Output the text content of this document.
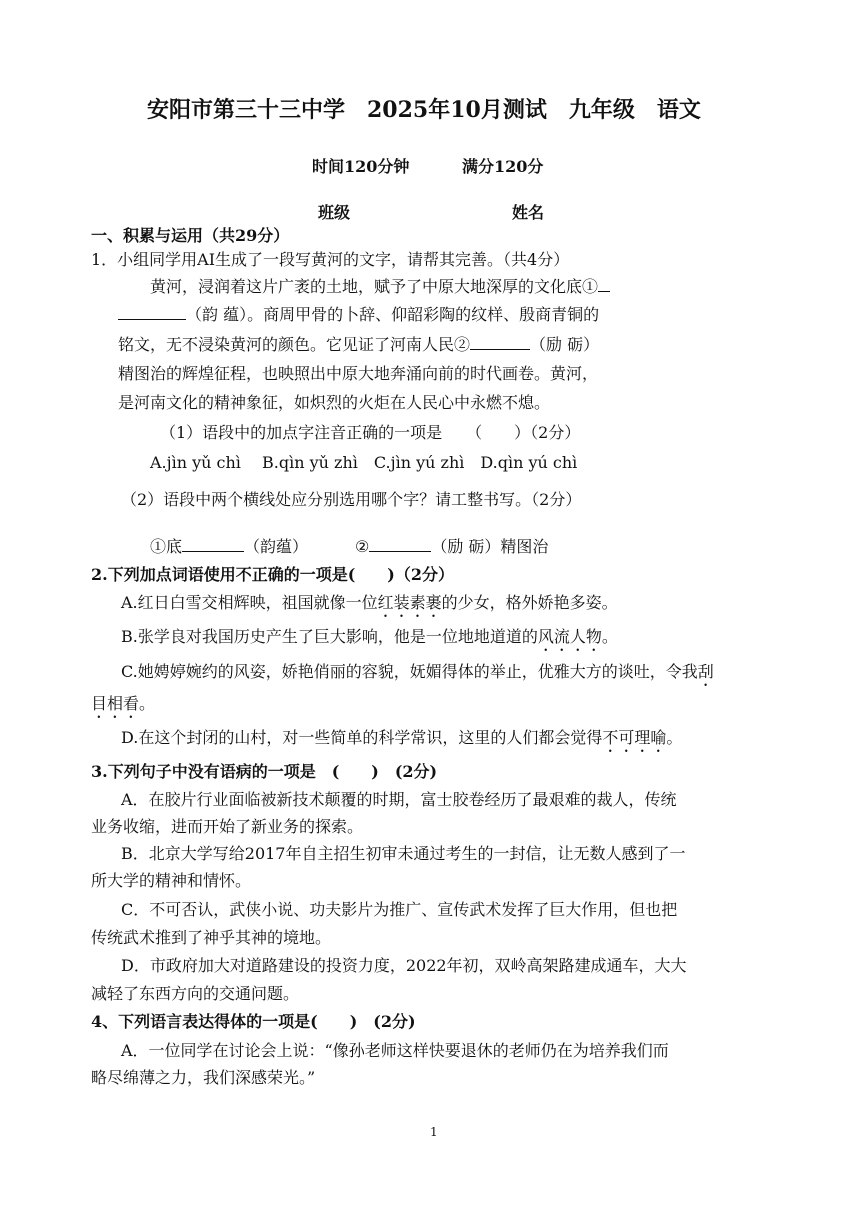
安阳市第三十三中学　2025年10月测试　九年级　语文
时间120分钟	满分120分
班级	姓名
一、积累与运用（共29分）
1．小组同学用AI生成了一段写黄河的文字，请帮其完善。（共4分）
黄河，浸润着这片广袤的土地，赋予了中原大地深厚的文化底①
（韵 蕴）。商周甲骨的卜辞、仰韶彩陶的纹样、殷商青铜的
铭文，无不浸染黄河的颜色。它见证了河南人民②	（励 砺）
精图治的辉煌征程，也映照出中原大地奔涌向前的时代画卷。黄河，
是河南文化的精神象征，如炽烈的火炬在人民心中永燃不熄。
（1）语段中的加点字注音正确的一项是　　（　　）（2分）
A.jìn yǔ chì　 B.qìn yǔ zhì　C.jìn yú zhì　D.qìn yú chì
（2）语段中两个横线处应分别选用哪个字？请工整书写。（2分）
①底	（韵蕴）	②	（励 砺）精图治
2.下列加点词语使用不正确的一项是(　　)（2分）
A.红日白雪交相辉映，祖国就像一位红装素裹的少女，格外娇艳多姿。
B.张学良对我国历史产生了巨大影响，他是一位地地道道的风流人物。
C.她娉婷婉约的风姿，娇艳俏丽的容貌，妩媚得体的举止，优雅大方的谈吐，令我刮
目相看。
D.在这个封闭的山村，对一些简单的科学常识，这里的人们都会觉得不可理喻。
3.下列句子中没有语病的一项是　(　　)　(2分)
A．在胶片行业面临被新技术颠覆的时期，富士胶卷经历了最艰难的裁人，传统
业务收缩，进而开始了新业务的探索。
B．北京大学写给2017年自主招生初审未通过考生的一封信，让无数人感到了一
所大学的精神和情怀。
C．不可否认，武侠小说、功夫影片为推广、宣传武术发挥了巨大作用，但也把
传统武术推到了神乎其神的境地。
D．市政府加大对道路建设的投资力度，2022年初，双岭高架路建成通车，大大
减轻了东西方向的交通问题。
4、下列语言表达得体的一项是(　　)　(2分)
A．一位同学在讨论会上说：“像孙老师这样快要退休的老师仍在为培养我们而
略尽绵薄之力，我们深感荣光。”
1
